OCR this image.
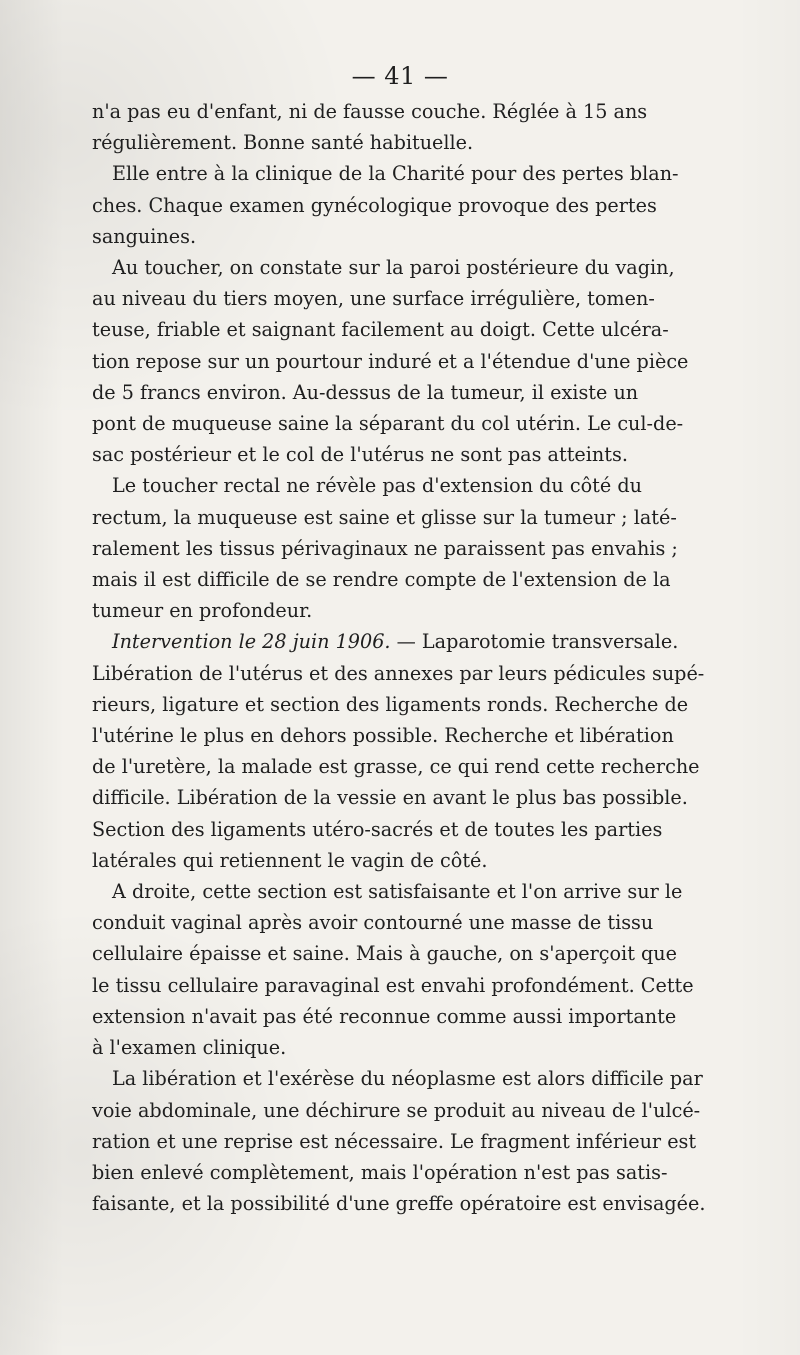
— 41 —
n'a pas eu d'enfant, ni de fausse couche. Réglée à 15 ans
régulièrement. Bonne santé habituelle.
Elle entre à la clinique de la Charité pour des pertes blan-
ches. Chaque examen gynécologique provoque des pertes
sanguines.
Au toucher, on constate sur la paroi postérieure du vagin,
au niveau du tiers moyen, une surface irrégulière, tomen-
teuse, friable et saignant facilement au doigt. Cette ulcéra-
tion repose sur un pourtour induré et a l'étendue d'une pièce
de 5 francs environ. Au-dessus de la tumeur, il existe un
pont de muqueuse saine la séparant du col utérin. Le cul-de-
sac postérieur et le col de l'utérus ne sont pas atteints.
Le toucher rectal ne révèle pas d'extension du côté du
rectum, la muqueuse est saine et glisse sur la tumeur ; laté-
ralement les tissus périvaginaux ne paraissent pas envahis ;
mais il est difficile de se rendre compte de l'extension de la
tumeur en profondeur.
Intervention le 28 juin 1906. — Laparotomie transversale.
Libération de l'utérus et des annexes par leurs pédicules supé-
rieurs, ligature et section des ligaments ronds. Recherche de
l'utérine le plus en dehors possible. Recherche et libération
de l'uretère, la malade est grasse, ce qui rend cette recherche
difficile. Libération de la vessie en avant le plus bas possible.
Section des ligaments utéro-sacrés et de toutes les parties
latérales qui retiennent le vagin de côté.
A droite, cette section est satisfaisante et l'on arrive sur le
conduit vaginal après avoir contourné une masse de tissu
cellulaire épaisse et saine. Mais à gauche, on s'aperçoit que
le tissu cellulaire paravaginal est envahi profondément. Cette
extension n'avait pas été reconnue comme aussi importante
à l'examen clinique.
La libération et l'exérèse du néoplasme est alors difficile par
voie abdominale, une déchirure se produit au niveau de l'ulcé-
ration et une reprise est nécessaire. Le fragment inférieur est
bien enlevé complètement, mais l'opération n'est pas satis-
faisante, et la possibilité d'une greffe opératoire est envisagée.
